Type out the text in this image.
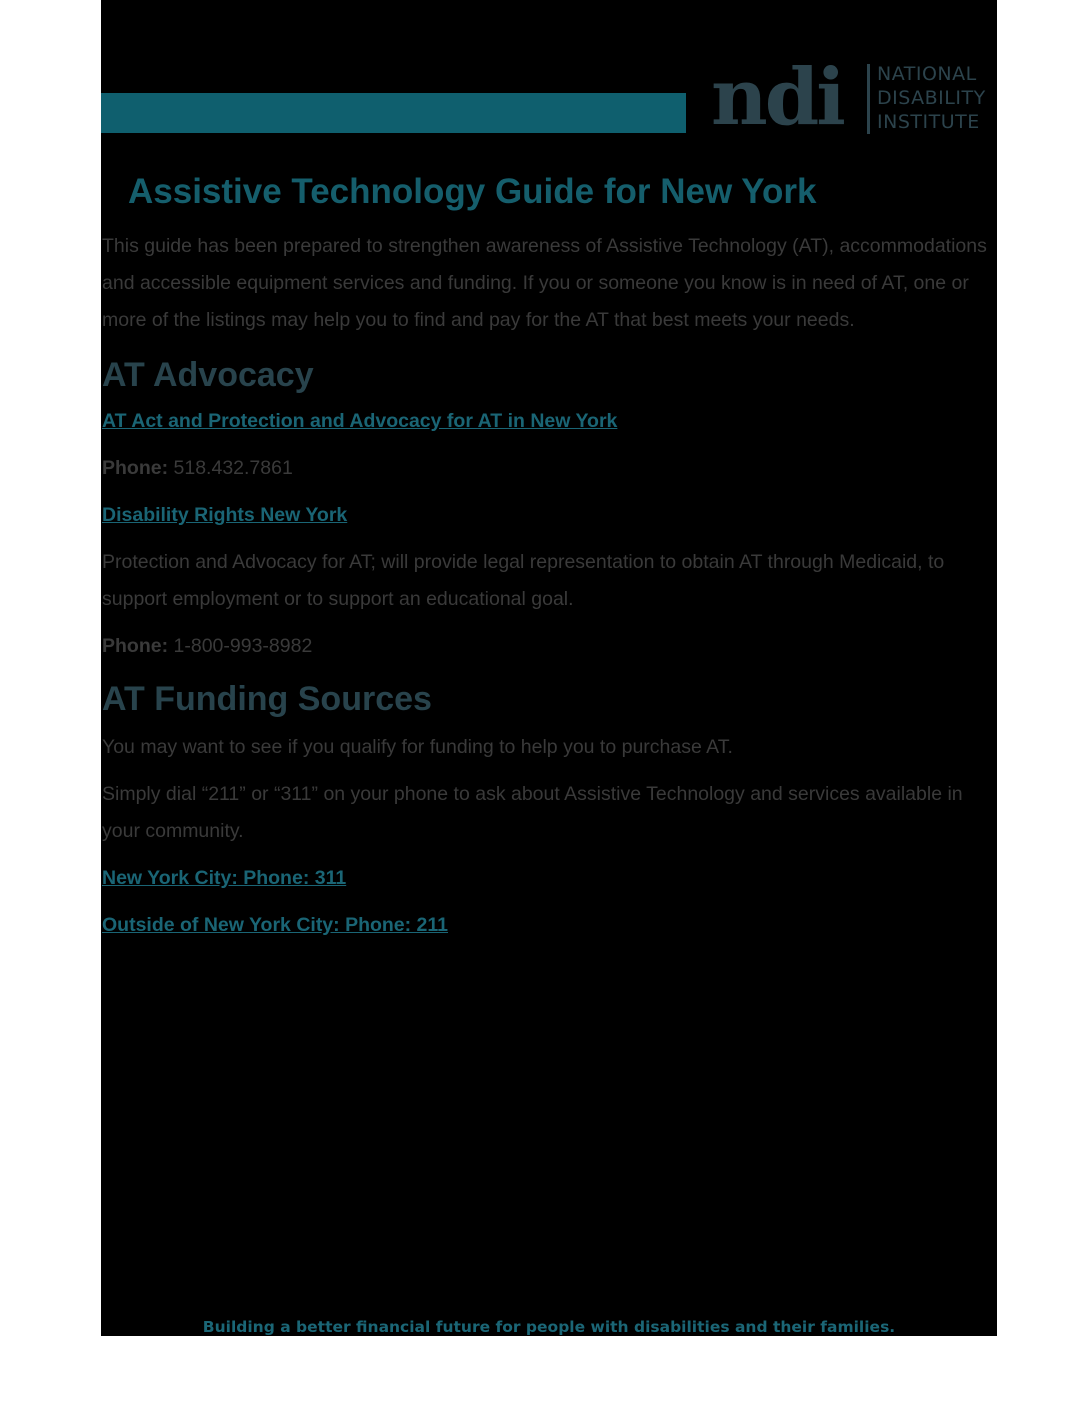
ndi NATIONAL
DISABILITY
INSTITUTE
Assistive Technology Guide for New York

This guide has been prepared to strengthen awareness of Assistive Technology (AT), accommodations and accessible equipment services and funding. If you or someone you know is in need of AT, one or more of the listings may help you to find and pay for the AT that best meets your needs.

AT Advocacy
AT Act and Protection and Advocacy for AT in New York

Phone: 518.432.7861

Disability Rights New York

Protection and Advocacy for AT; will provide legal representation to obtain AT through Medicaid, to support employment or to support an educational goal.

Phone: 1-800-993-8982

AT Funding Sources

You may want to see if you qualify for funding to help you to purchase AT.

Simply dial “211” or “311” on your phone to ask about Assistive Technology and services available in your community.

New York City: Phone: 311
Outside of New York City: Phone: 211
Building a better financial future for people with disabilities and their families.
